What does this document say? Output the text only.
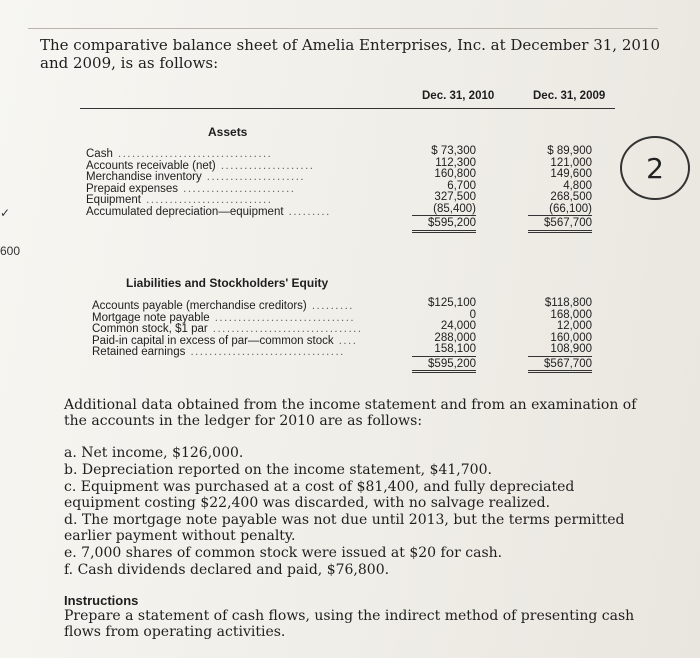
The comparative balance sheet of Amelia Enterprises, Inc. at December 31, 2010 and 2009, is as follows:
Dec. 31, 2010	Dec. 31, 2009
✓
600
2
Assets
Cash .................................
Accounts receivable (net) ....................
Merchandise inventory .....................
Prepaid expenses ........................
Equipment ...........................
Accumulated depreciation—equipment .........
$ 73,300
112,300
160,800
6,700
327,500
(85,400)
$595,200
$ 89,900
121,000
149,600
4,800
268,500
(66,100)
$567,700
Liabilities and Stockholders' Equity
Accounts payable (merchandise creditors) .........
Mortgage note payable ..............................
Common stock, $1 par ................................
Paid-in capital in excess of par—common stock ....
Retained earnings .................................
$125,100
0
24,000
288,000
158,100
$595,200
$118,800
168,000
12,000
160,000
108,900
$567,700
Additional data obtained from the income statement and from an examination of the accounts in the ledger for 2010 are as follows:
a. Net income, $126,000.
b. Depreciation reported on the income statement, $41,700.
c. Equipment was purchased at a cost of $81,400, and fully depreciated equipment costing $22,400 was discarded, with no salvage realized.
d. The mortgage note payable was not due until 2013, but the terms permitted earlier payment without penalty.
e. 7,000 shares of common stock were issued at $20 for cash.
f. Cash dividends declared and paid, $76,800.
Instructions
Prepare a statement of cash flows, using the indirect method of presenting cash flows from operating activities.
